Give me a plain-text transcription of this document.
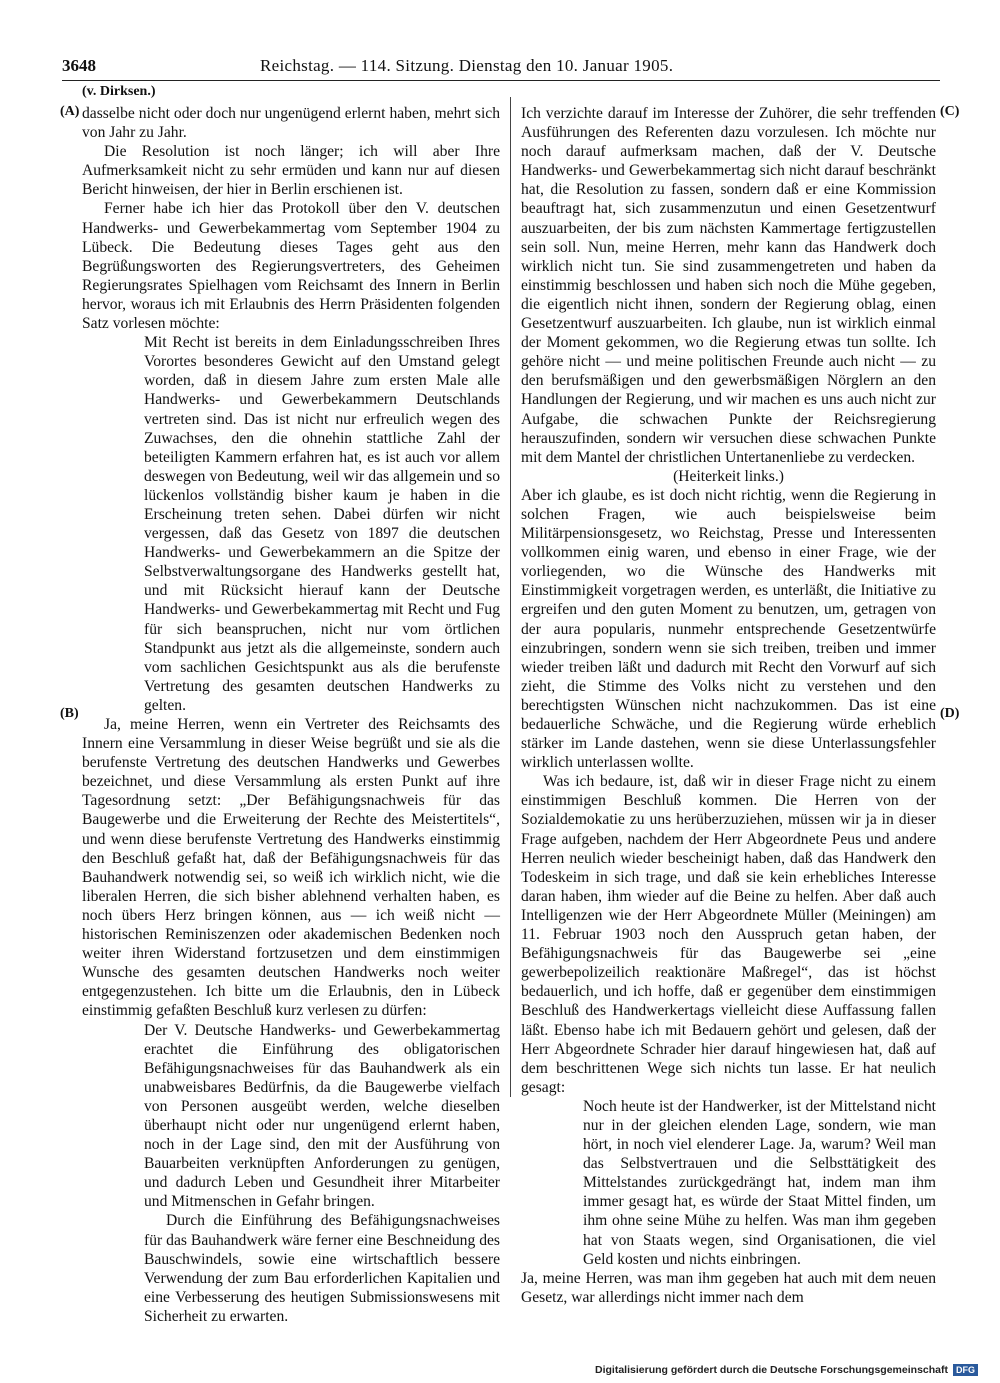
3648	Reichstag. — 114. Sitzung. Dienstag den 10. Januar 1905.
(v. Dirksen.)
(A)
(B)
(C)
(D)

dasselbe nicht oder doch nur ungenügend erlernt haben, mehrt sich von Jahr zu Jahr.

Die Resolution ist noch länger; ich will aber Ihre Aufmerksamkeit nicht zu sehr ermüden und kann nur auf diesen Bericht hinweisen, der hier in Berlin erschienen ist.

Ferner habe ich hier das Protokoll über den V. deutschen Handwerks- und Gewerbekammertag vom September 1904 zu Lübeck. Die Bedeutung dieses Tages geht aus den Begrüßungsworten des Regierungsvertreters, des Geheimen Regierungsrates Spielhagen vom Reichsamt des Innern in Berlin hervor, woraus ich mit Erlaubnis des Herrn Präsidenten folgenden Satz vorlesen möchte:

Mit Recht ist bereits in dem Einladungsschreiben Ihres Vorortes besonderes Gewicht auf den Umstand gelegt worden, daß in diesem Jahre zum ersten Male alle Handwerks- und Gewerbekammern Deutschlands vertreten sind. Das ist nicht nur erfreulich wegen des Zuwachses, den die ohnehin stattliche Zahl der beteiligten Kammern erfahren hat, es ist auch vor allem deswegen von Bedeutung, weil wir das allgemein und so lückenlos vollständig bisher kaum je haben in die Erscheinung treten sehen. Dabei dürfen wir nicht vergessen, daß das Gesetz von 1897 die deutschen Handwerks- und Gewerbekammern an die Spitze der Selbstverwaltungsorgane des Handwerks gestellt hat, und mit Rücksicht hierauf kann der Deutsche Handwerks- und Gewerbekammertag mit Recht und Fug für sich beanspruchen, nicht nur vom örtlichen Standpunkt aus jetzt als die allgemeinste, sondern auch vom sachlichen Gesichtspunkt aus als die berufenste Vertretung des gesamten deutschen Handwerks zu gelten.

Ja, meine Herren, wenn ein Vertreter des Reichsamts des Innern eine Versammlung in dieser Weise begrüßt und sie als die berufenste Vertretung des deutschen Handwerks und Gewerbes bezeichnet, und diese Versammlung als ersten Punkt auf ihre Tagesordnung setzt: „Der Befähigungsnachweis für das Baugewerbe und die Erweiterung der Rechte des Meistertitels“, und wenn diese berufenste Vertretung des Handwerks einstimmig den Beschluß gefaßt hat, daß der Befähigungsnachweis für das Bauhandwerk notwendig sei, so weiß ich wirklich nicht, wie die liberalen Herren, die sich bisher ablehnend verhalten haben, es noch übers Herz bringen können, aus — ich weiß nicht — historischen Reminiszenzen oder akademischen Bedenken noch weiter ihren Widerstand fortzusetzen und dem einstimmigen Wunsche des gesamten deutschen Handwerks noch weiter entgegenzustehen. Ich bitte um die Erlaubnis, den in Lübeck einstimmig gefaßten Beschluß kurz verlesen zu dürfen:

Der V. Deutsche Handwerks- und Gewerbekammertag erachtet die Einführung des obligatorischen Befähigungsnachweises für das Bauhandwerk als ein unabweisbares Bedürfnis, da die Baugewerbe vielfach von Personen ausgeübt werden, welche dieselben überhaupt nicht oder nur ungenügend erlernt haben, noch in der Lage sind, den mit der Ausführung von Bauarbeiten verknüpften Anforderungen zu genügen, und dadurch Leben und Gesundheit ihrer Mitarbeiter und Mitmenschen in Gefahr bringen.

Durch die Einführung des Befähigungsnachweises für das Bauhandwerk wäre ferner eine Beschneidung des Bauschwindels, sowie eine wirtschaftlich bessere Verwendung der zum Bau erforderlichen Kapitalien und eine Verbesserung des heutigen Submissionswesens mit Sicherheit zu erwarten.

Ich verzichte darauf im Interesse der Zuhörer, die sehr treffenden Ausführungen des Referenten dazu vorzulesen. Ich möchte nur noch darauf aufmerksam machen, daß der V. Deutsche Handwerks- und Gewerbekammertag sich nicht darauf beschränkt hat, die Resolution zu fassen, sondern daß er eine Kommission beauftragt hat, sich zusammenzutun und einen Gesetzentwurf auszuarbeiten, der bis zum nächsten Kammertage fertigzustellen sein soll. Nun, meine Herren, mehr kann das Handwerk doch wirklich nicht tun. Sie sind zusammengetreten und haben da einstimmig beschlossen und haben sich noch die Mühe gegeben, die eigentlich nicht ihnen, sondern der Regierung oblag, einen Gesetzentwurf auszuarbeiten. Ich glaube, nun ist wirklich einmal der Moment gekommen, wo die Regierung etwas tun sollte. Ich gehöre nicht — und meine politischen Freunde auch nicht — zu den berufsmäßigen und den gewerbsmäßigen Nörglern an den Handlungen der Regierung, und wir machen es uns auch nicht zur Aufgabe, die schwachen Punkte der Reichsregierung herauszufinden, sondern wir versuchen diese schwachen Punkte mit dem Mantel der christlichen Untertanenliebe zu verdecken.

(Heiterkeit links.)

Aber ich glaube, es ist doch nicht richtig, wenn die Regierung in solchen Fragen, wie auch beispielsweise beim Militärpensionsgesetz, wo Reichstag, Presse und Interessenten vollkommen einig waren, und ebenso in einer Frage, wie der vorliegenden, wo die Wünsche des Handwerks mit Einstimmigkeit vorgetragen werden, es unterläßt, die Initiative zu ergreifen und den guten Moment zu benutzen, um, getragen von der aura popularis, nunmehr entsprechende Gesetzentwürfe einzubringen, sondern wenn sie sich treiben, treiben und immer wieder treiben läßt und dadurch mit Recht den Vorwurf auf sich zieht, die Stimme des Volks nicht zu verstehen und den berechtigsten Wünschen nicht nachzukommen. Das ist eine bedauerliche Schwäche, und die Regierung würde erheblich stärker im Lande dastehen, wenn sie diese Unterlassungsfehler wirklich unterlassen wollte.

Was ich bedaure, ist, daß wir in dieser Frage nicht zu einem einstimmigen Beschluß kommen. Die Herren von der Sozialdemokatie zu uns herüberzuziehen, müssen wir ja in dieser Frage aufgeben, nachdem der Herr Abgeordnete Peus und andere Herren neulich wieder bescheinigt haben, daß das Handwerk den Todeskeim in sich trage, und daß sie kein erhebliches Interesse daran haben, ihm wieder auf die Beine zu helfen. Aber daß auch Intelligenzen wie der Herr Abgeordnete Müller (Meiningen) am 11. Februar 1903 noch den Ausspruch getan haben, der Befähigungsnachweis für das Baugewerbe sei „eine gewerbepolizeilich reaktionäre Maßregel“, das ist höchst bedauerlich, und ich hoffe, daß er gegenüber dem einstimmigen Beschluß des Handwerkertags vielleicht diese Auffassung fallen läßt. Ebenso habe ich mit Bedauern gehört und gelesen, daß der Herr Abgeordnete Schrader hier darauf hingewiesen hat, daß auf dem beschrittenen Wege sich nichts tun lasse. Er hat neulich gesagt:

Noch heute ist der Handwerker, ist der Mittelstand nicht nur in der gleichen elenden Lage, sondern, wie man hört, in noch viel elenderer Lage. Ja, warum? Weil man das Selbstvertrauen und die Selbsttätigkeit des Mittelstandes zurückgedrängt hat, indem man ihm immer gesagt hat, es würde der Staat Mittel finden, um ihm ohne seine Mühe zu helfen. Was man ihm gegeben hat von Staats wegen, sind Organisationen, die viel Geld kosten und nichts einbringen.

Ja, meine Herren, was man ihm gegeben hat auch mit dem neuen Gesetz, war allerdings nicht immer nach dem

Digitalisierung gefördert durch die Deutsche Forschungsgemeinschaft DFG
